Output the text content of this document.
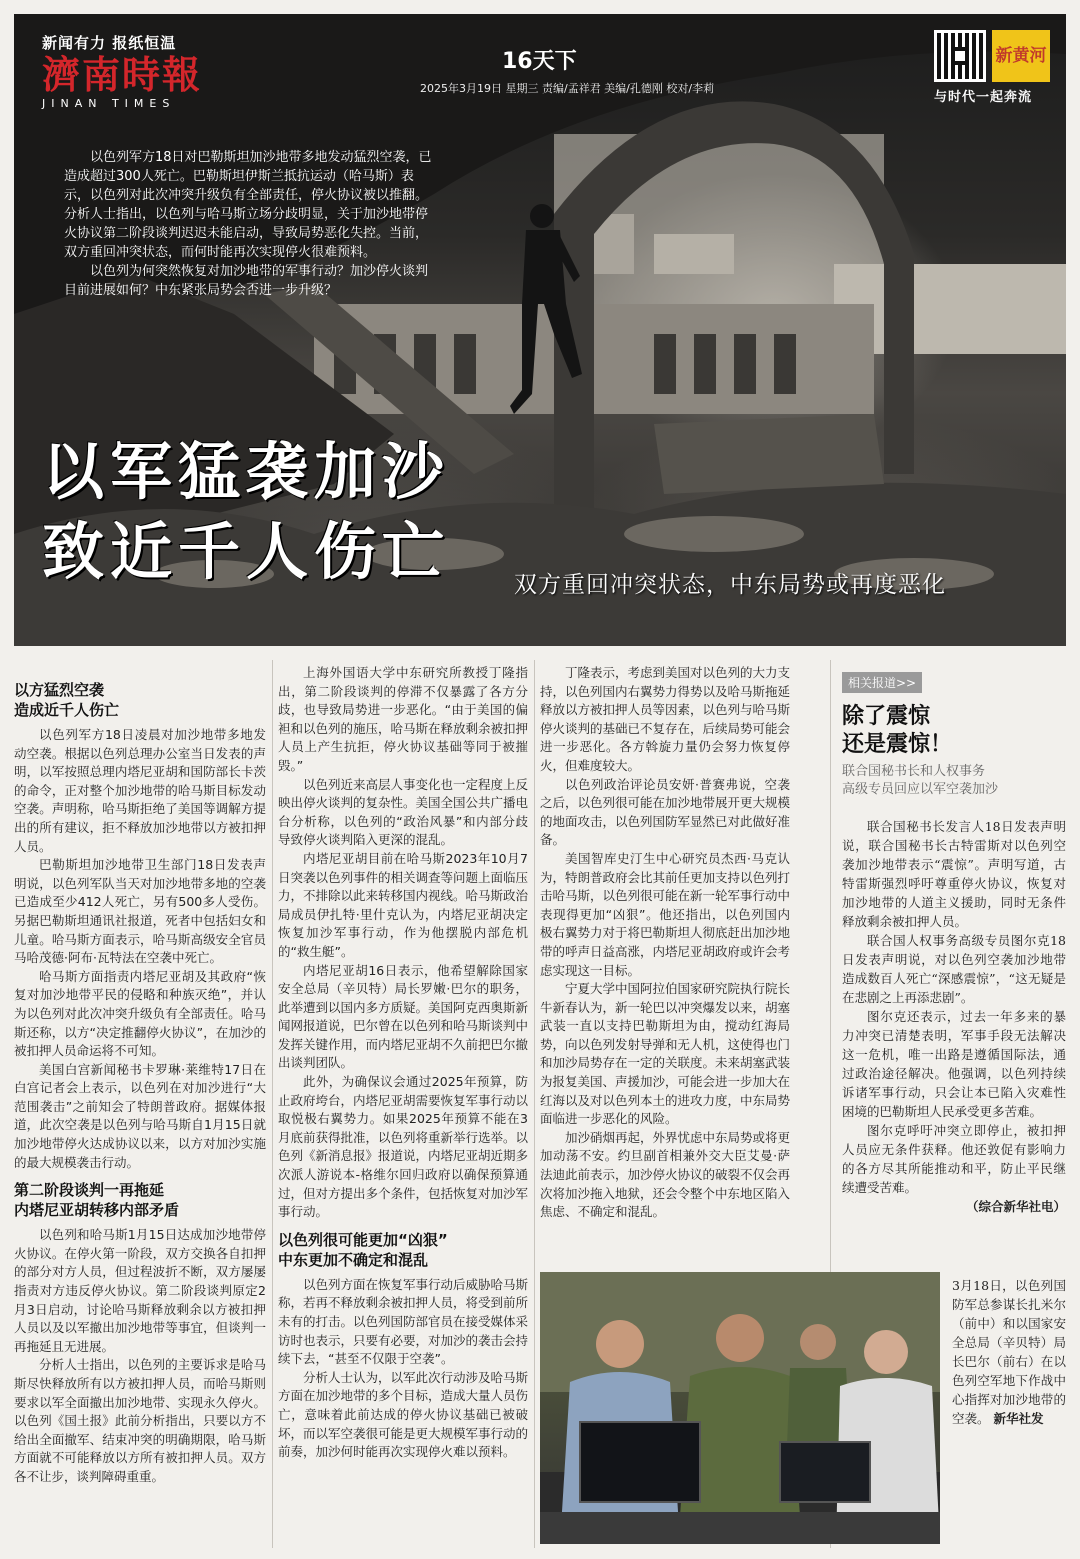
新闻有力 报纸恒温
濟南時報
JINAN TIMES
16天下
2025年3月19日 星期三 责编/孟祥君 美编/孔德刚 校对/李莉
新黄河
与时代一起奔流

以色列军方18日对巴勒斯坦加沙地带多地发动猛烈空袭，已造成超过300人死亡。巴勒斯坦伊斯兰抵抗运动（哈马斯）表示，以色列对此次冲突升级负有全部责任，停火协议被以推翻。分析人士指出，以色列与哈马斯立场分歧明显，关于加沙地带停火协议第二阶段谈判迟迟未能启动，导致局势恶化失控。当前，双方重回冲突状态，而何时能再次实现停火很难预料。

以色列为何突然恢复对加沙地带的军事行动？加沙停火谈判目前进展如何？中东紧张局势会否进一步升级？

以军猛袭加沙
致近千人伤亡	双方重回冲突状态，中东局势或再度恶化
以方猛烈空袭
造成近千人伤亡

以色列军方18日凌晨对加沙地带多地发动空袭。根据以色列总理办公室当日发表的声明，以军按照总理内塔尼亚胡和国防部长卡茨的命令，正对整个加沙地带的哈马斯目标发动空袭。声明称，哈马斯拒绝了美国等调解方提出的所有建议，拒不释放加沙地带以方被扣押人员。

巴勒斯坦加沙地带卫生部门18日发表声明说，以色列军队当天对加沙地带多地的空袭已造成至少412人死亡，另有500多人受伤。另据巴勒斯坦通讯社报道，死者中包括妇女和儿童。哈马斯方面表示，哈马斯高级安全官员马哈茂德·阿布·瓦特法在空袭中死亡。

哈马斯方面指责内塔尼亚胡及其政府“恢复对加沙地带平民的侵略和种族灭绝”，并认为以色列对此次冲突升级负有全部责任。哈马斯还称，以方“决定推翻停火协议”，在加沙的被扣押人员命运将不可知。

美国白宫新闻秘书卡罗琳·莱维特17日在白宫记者会上表示，以色列在对加沙进行“大范围袭击”之前知会了特朗普政府。据媒体报道，此次空袭是以色列与哈马斯自1月15日就加沙地带停火达成协议以来，以方对加沙实施的最大规模袭击行动。

第二阶段谈判一再拖延
内塔尼亚胡转移内部矛盾

以色列和哈马斯1月15日达成加沙地带停火协议。在停火第一阶段，双方交换各自扣押的部分对方人员，但过程波折不断，双方屡屡指责对方违反停火协议。第二阶段谈判原定2月3日启动，讨论哈马斯释放剩余以方被扣押人员以及以军撤出加沙地带等事宜，但谈判一再拖延且无进展。

分析人士指出，以色列的主要诉求是哈马斯尽快释放所有以方被扣押人员，而哈马斯则要求以军全面撤出加沙地带、实现永久停火。以色列《国土报》此前分析指出，只要以方不给出全面撤军、结束冲突的明确期限，哈马斯方面就不可能释放以方所有被扣押人员。双方各不让步，谈判障碍重重。

上海外国语大学中东研究所教授丁隆指出，第二阶段谈判的停滞不仅暴露了各方分歧，也导致局势进一步恶化。“由于美国的偏袒和以色列的施压，哈马斯在释放剩余被扣押人员上产生抗拒，停火协议基础等同于被摧毁。”

以色列近来高层人事变化也一定程度上反映出停火谈判的复杂性。美国全国公共广播电台分析称，以色列的“政治风暴”和内部分歧导致停火谈判陷入更深的混乱。

内塔尼亚胡目前在哈马斯2023年10月7日突袭以色列事件的相关调查等问题上面临压力，不排除以此来转移国内视线。哈马斯政治局成员伊扎特·里什克认为，内塔尼亚胡决定恢复加沙军事行动，作为他摆脱内部危机的“救生艇”。

内塔尼亚胡16日表示，他希望解除国家安全总局（辛贝特）局长罗嫩·巴尔的职务，此举遭到以国内多方质疑。美国阿克西奥斯新闻网报道说，巴尔曾在以色列和哈马斯谈判中发挥关键作用，而内塔尼亚胡不久前把巴尔撤出谈判团队。

此外，为确保议会通过2025年预算，防止政府垮台，内塔尼亚胡需要恢复军事行动以取悦极右翼势力。如果2025年预算不能在3月底前获得批准，以色列将重新举行选举。以色列《新消息报》报道说，内塔尼亚胡近期多次派人游说本-格维尔回归政府以确保预算通过，但对方提出多个条件，包括恢复对加沙军事行动。

以色列很可能更加“凶狠”
中东更加不确定和混乱

以色列方面在恢复军事行动后威胁哈马斯称，若再不释放剩余被扣押人员，将受到前所未有的打击。以色列国防部官员在接受媒体采访时也表示，只要有必要，对加沙的袭击会持续下去，“甚至不仅限于空袭”。

分析人士认为，以军此次行动涉及哈马斯方面在加沙地带的多个目标，造成大量人员伤亡，意味着此前达成的停火协议基础已被破坏，而以军空袭很可能是更大规模军事行动的前奏，加沙何时能再次实现停火难以预料。

丁隆表示，考虑到美国对以色列的大力支持，以色列国内右翼势力得势以及哈马斯拖延释放以方被扣押人员等因素，以色列与哈马斯停火谈判的基础已不复存在，后续局势可能会进一步恶化。各方斡旋力量仍会努力恢复停火，但难度较大。

以色列政治评论员安妍·普赛弗说，空袭之后，以色列很可能在加沙地带展开更大规模的地面攻击，以色列国防军显然已对此做好准备。

美国智库史汀生中心研究员杰西·马克认为，特朗普政府会比其前任更加支持以色列打击哈马斯，以色列很可能在新一轮军事行动中表现得更加“凶狠”。他还指出，以色列国内极右翼势力对于将巴勒斯坦人彻底赶出加沙地带的呼声日益高涨，内塔尼亚胡政府或许会考虑实现这一目标。

宁夏大学中国阿拉伯国家研究院执行院长牛新春认为，新一轮巴以冲突爆发以来，胡塞武装一直以支持巴勒斯坦为由，搅动红海局势，向以色列发射导弹和无人机，这使得也门和加沙局势存在一定的关联度。未来胡塞武装为报复美国、声援加沙，可能会进一步加大在红海以及对以色列本土的进攻力度，中东局势面临进一步恶化的风险。

加沙硝烟再起，外界忧虑中东局势或将更加动荡不安。约旦副首相兼外交大臣艾曼·萨法迪此前表示，加沙停火协议的破裂不仅会再次将加沙拖入地狱，还会令整个中东地区陷入焦虑、不确定和混乱。

相关报道>>
除了震惊
还是震惊！
联合国秘书长和人权事务
高级专员回应以军空袭加沙

联合国秘书长发言人18日发表声明说，联合国秘书长古特雷斯对以色列空袭加沙地带表示“震惊”。声明写道，古特雷斯强烈呼吁尊重停火协议，恢复对加沙地带的人道主义援助，同时无条件释放剩余被扣押人员。

联合国人权事务高级专员图尔克18日发表声明说，对以色列空袭加沙地带造成数百人死亡“深感震惊”，“这无疑是在悲剧之上再添悲剧”。

图尔克还表示，过去一年多来的暴力冲突已清楚表明，军事手段无法解决这一危机，唯一出路是遵循国际法，通过政治途径解决。他强调，以色列持续诉诸军事行动，只会让本已陷入灾难性困境的巴勒斯坦人民承受更多苦难。

图尔克呼吁冲突立即停止，被扣押人员应无条件获释。他还敦促有影响力的各方尽其所能推动和平，防止平民继续遭受苦难。

（综合新华社电）
3月18日，以色列国防军总参谋长扎米尔（前中）和以国家安全总局（辛贝特）局长巴尔（前右）在以色列空军地下作战中心指挥对加沙地带的空袭。 新华社发
